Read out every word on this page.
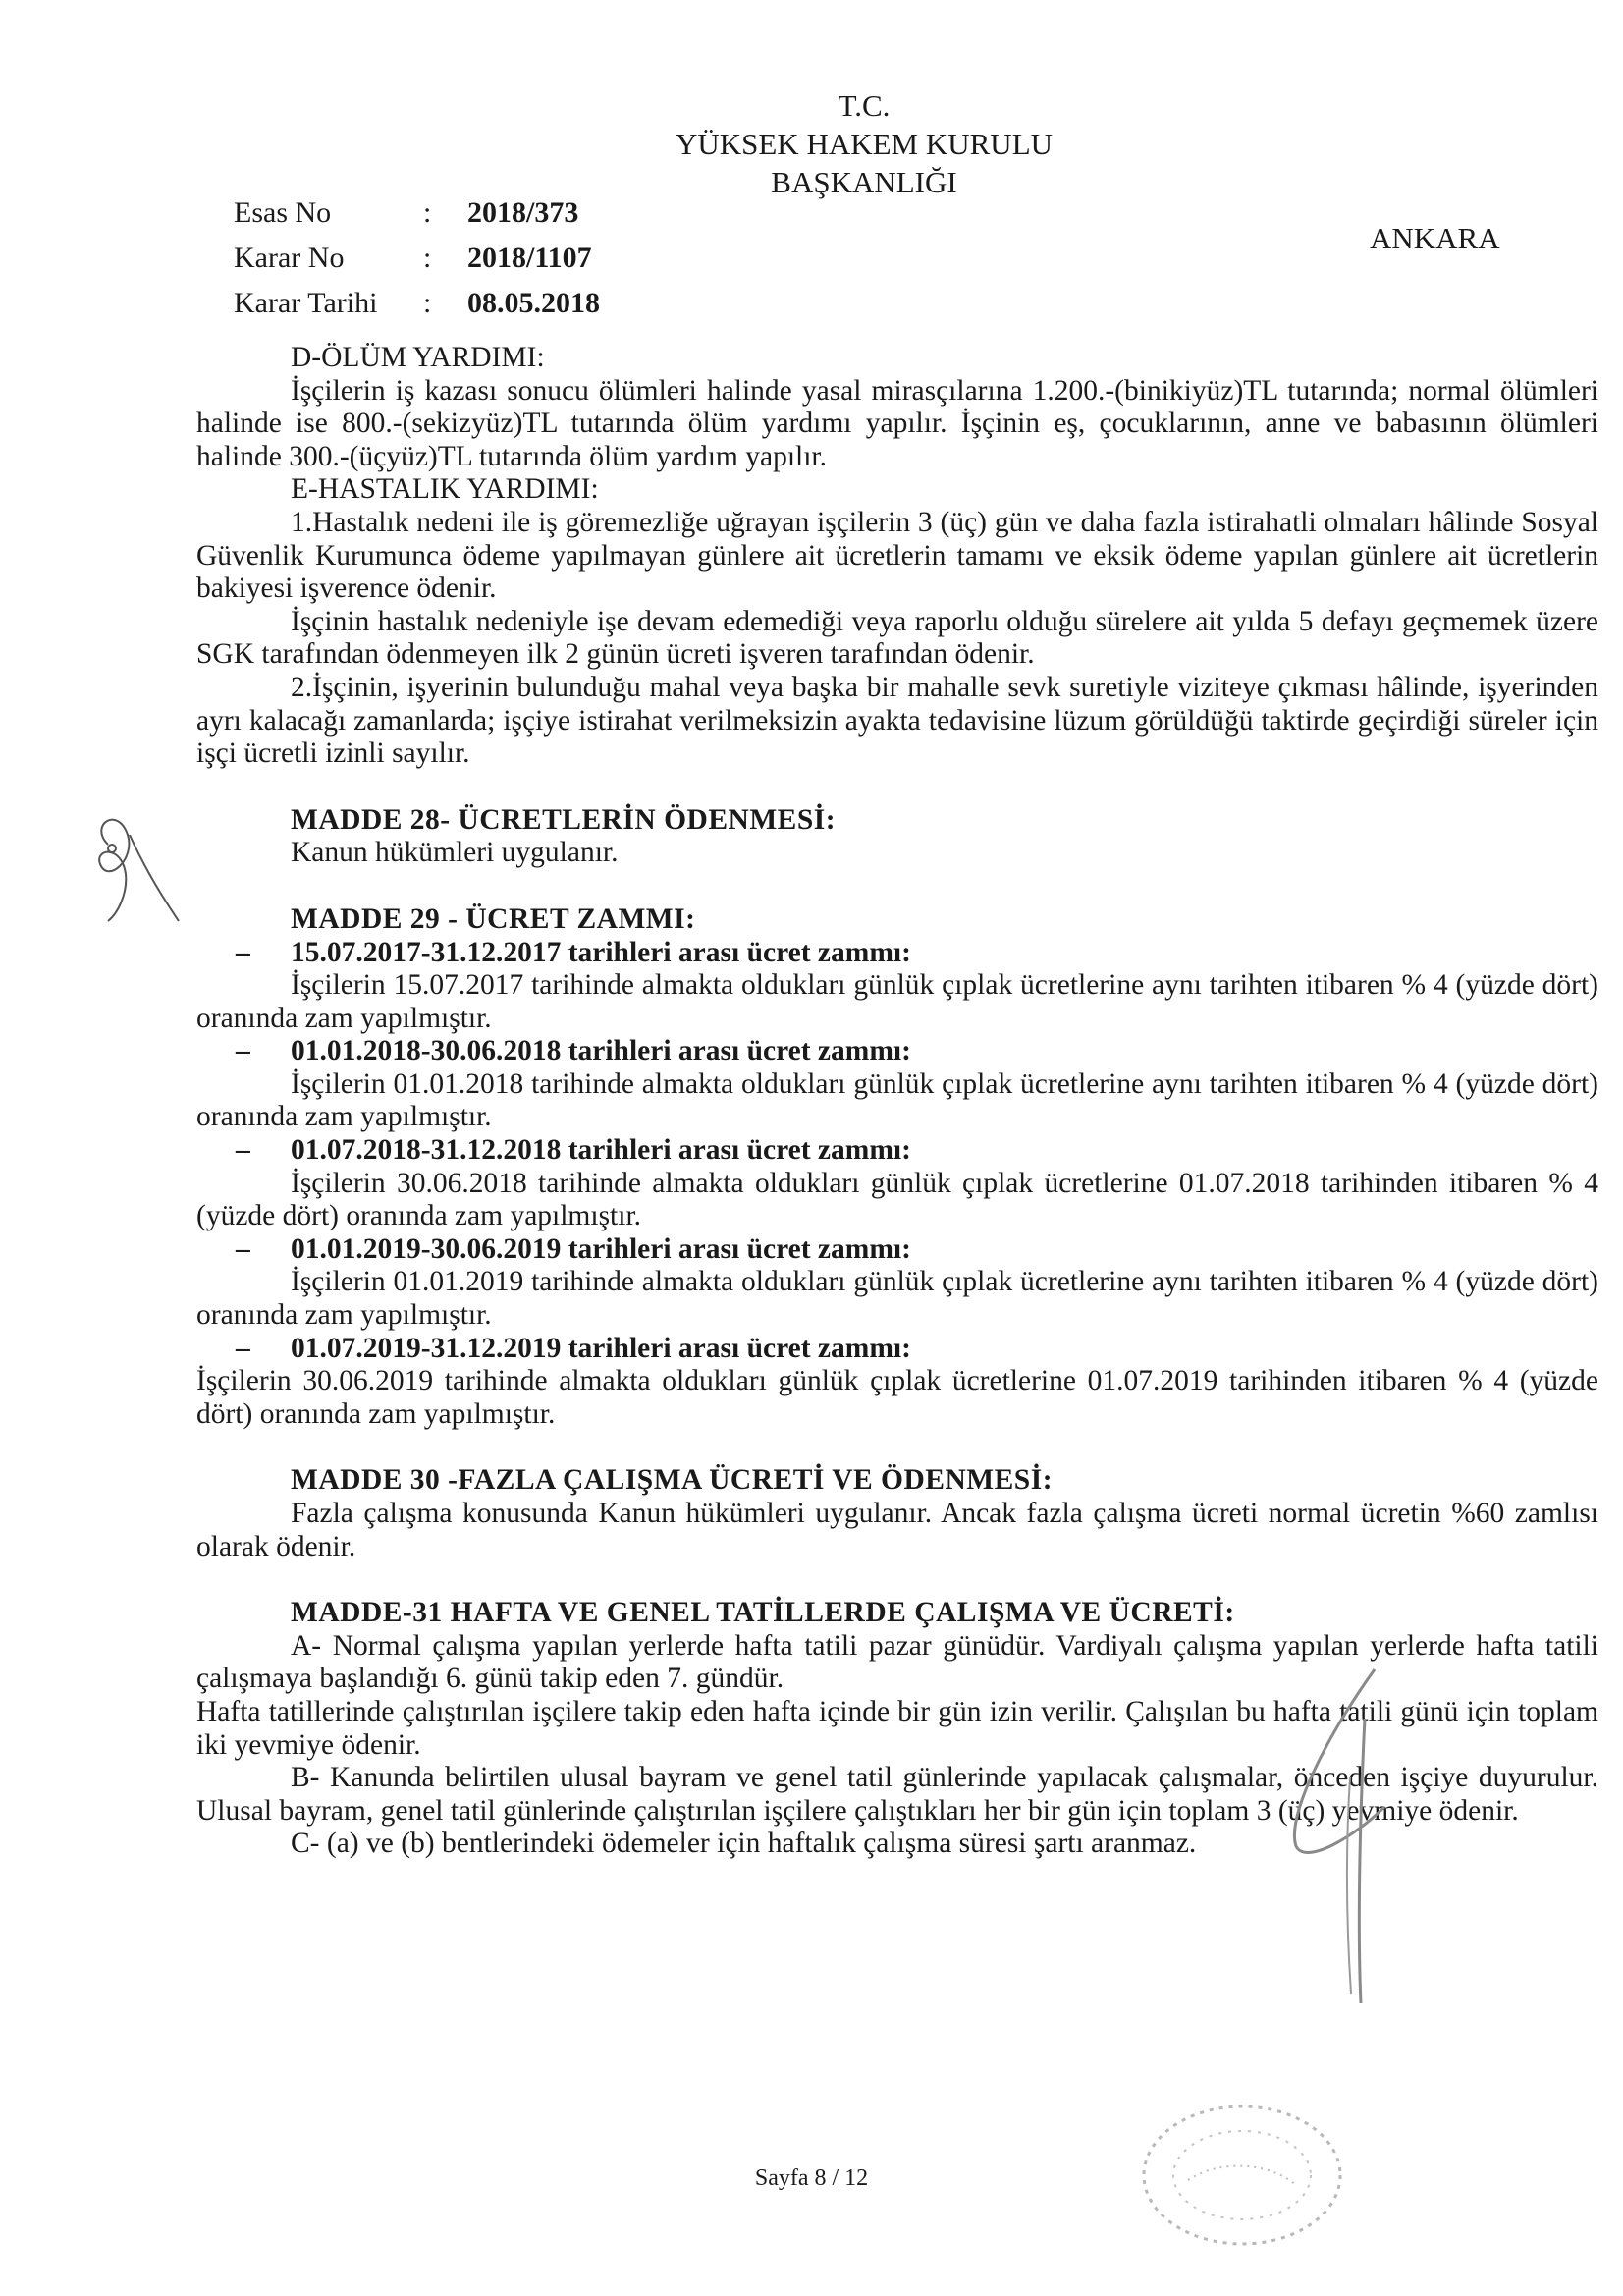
T.C.
YÜKSEK HAKEM KURULU
BAŞKANLIĞI
ANKARA
Esas No	:	2018/373
Karar No	:	2018/1107
Karar Tarihi	:	08.05.2018

D-ÖLÜM YARDIMI:

İşçilerin iş kazası sonucu ölümleri halinde yasal mirasçılarına 1.200.-(binikiyüz)TL tutarında; normal ölümleri halinde ise 800.-(sekizyüz)TL tutarında ölüm yardımı yapılır. İşçinin eş, çocuklarının, anne ve babasının ölümleri halinde 300.-(üçyüz)TL tutarında ölüm yardım yapılır.

E-HASTALIK YARDIMI:

1.Hastalık nedeni ile iş göremezliğe uğrayan işçilerin 3 (üç) gün ve daha fazla istirahatli olmaları hâlinde Sosyal Güvenlik Kurumunca ödeme yapılmayan günlere ait ücretlerin tamamı ve eksik ödeme yapılan günlere ait ücretlerin bakiyesi işverence ödenir.

İşçinin hastalık nedeniyle işe devam edemediği veya raporlu olduğu sürelere ait yılda 5 defayı geçmemek üzere SGK tarafından ödenmeyen ilk 2 günün ücreti işveren tarafından ödenir.

2.İşçinin, işyerinin bulunduğu mahal veya başka bir mahalle sevk suretiyle viziteye çıkması hâlinde, işyerinden ayrı kalacağı zamanlarda; işçiye istirahat verilmeksizin ayakta tedavisine lüzum görüldüğü taktirde geçirdiği süreler için işçi ücretli izinli sayılır.

MADDE 28- ÜCRETLERİN ÖDENMESİ:

Kanun hükümleri uygulanır.

MADDE 29 - ÜCRET ZAMMI:

–	15.07.2017-31.12.2017 tarihleri arası ücret zammı:

İşçilerin 15.07.2017 tarihinde almakta oldukları günlük çıplak ücretlerine aynı tarihten itibaren % 4 (yüzde dört) oranında zam yapılmıştır.

–	01.01.2018-30.06.2018 tarihleri arası ücret zammı:

İşçilerin 01.01.2018 tarihinde almakta oldukları günlük çıplak ücretlerine aynı tarihten itibaren % 4 (yüzde dört) oranında zam yapılmıştır.

–	01.07.2018-31.12.2018 tarihleri arası ücret zammı:

İşçilerin 30.06.2018 tarihinde almakta oldukları günlük çıplak ücretlerine 01.07.2018 tarihinden itibaren % 4 (yüzde dört) oranında zam yapılmıştır.

–	01.01.2019-30.06.2019 tarihleri arası ücret zammı:

İşçilerin 01.01.2019 tarihinde almakta oldukları günlük çıplak ücretlerine aynı tarihten itibaren % 4 (yüzde dört) oranında zam yapılmıştır.

–	01.07.2019-31.12.2019 tarihleri arası ücret zammı:

İşçilerin 30.06.2019 tarihinde almakta oldukları günlük çıplak ücretlerine 01.07.2019 tarihinden itibaren % 4 (yüzde dört) oranında zam yapılmıştır.

MADDE 30 -FAZLA ÇALIŞMA ÜCRETİ VE ÖDENMESİ:

Fazla çalışma konusunda Kanun hükümleri uygulanır. Ancak fazla çalışma ücreti normal ücretin %60 zamlısı olarak ödenir.

MADDE-31 HAFTA VE GENEL TATİLLERDE ÇALIŞMA VE ÜCRETİ:

A- Normal çalışma yapılan yerlerde hafta tatili pazar günüdür. Vardiyalı çalışma yapılan yerlerde hafta tatili çalışmaya başlandığı 6. günü takip eden 7. gündür.

Hafta tatillerinde çalıştırılan işçilere takip eden hafta içinde bir gün izin verilir. Çalışılan bu hafta tatili günü için toplam iki yevmiye ödenir.

B- Kanunda belirtilen ulusal bayram ve genel tatil günlerinde yapılacak çalışmalar, önceden işçiye duyurulur. Ulusal bayram, genel tatil günlerinde çalıştırılan işçilere çalıştıkları her bir gün için toplam 3 (üç) yevmiye ödenir.

C- (a) ve (b) bentlerindeki ödemeler için haftalık çalışma süresi şartı aranmaz.

Sayfa 8 / 12
